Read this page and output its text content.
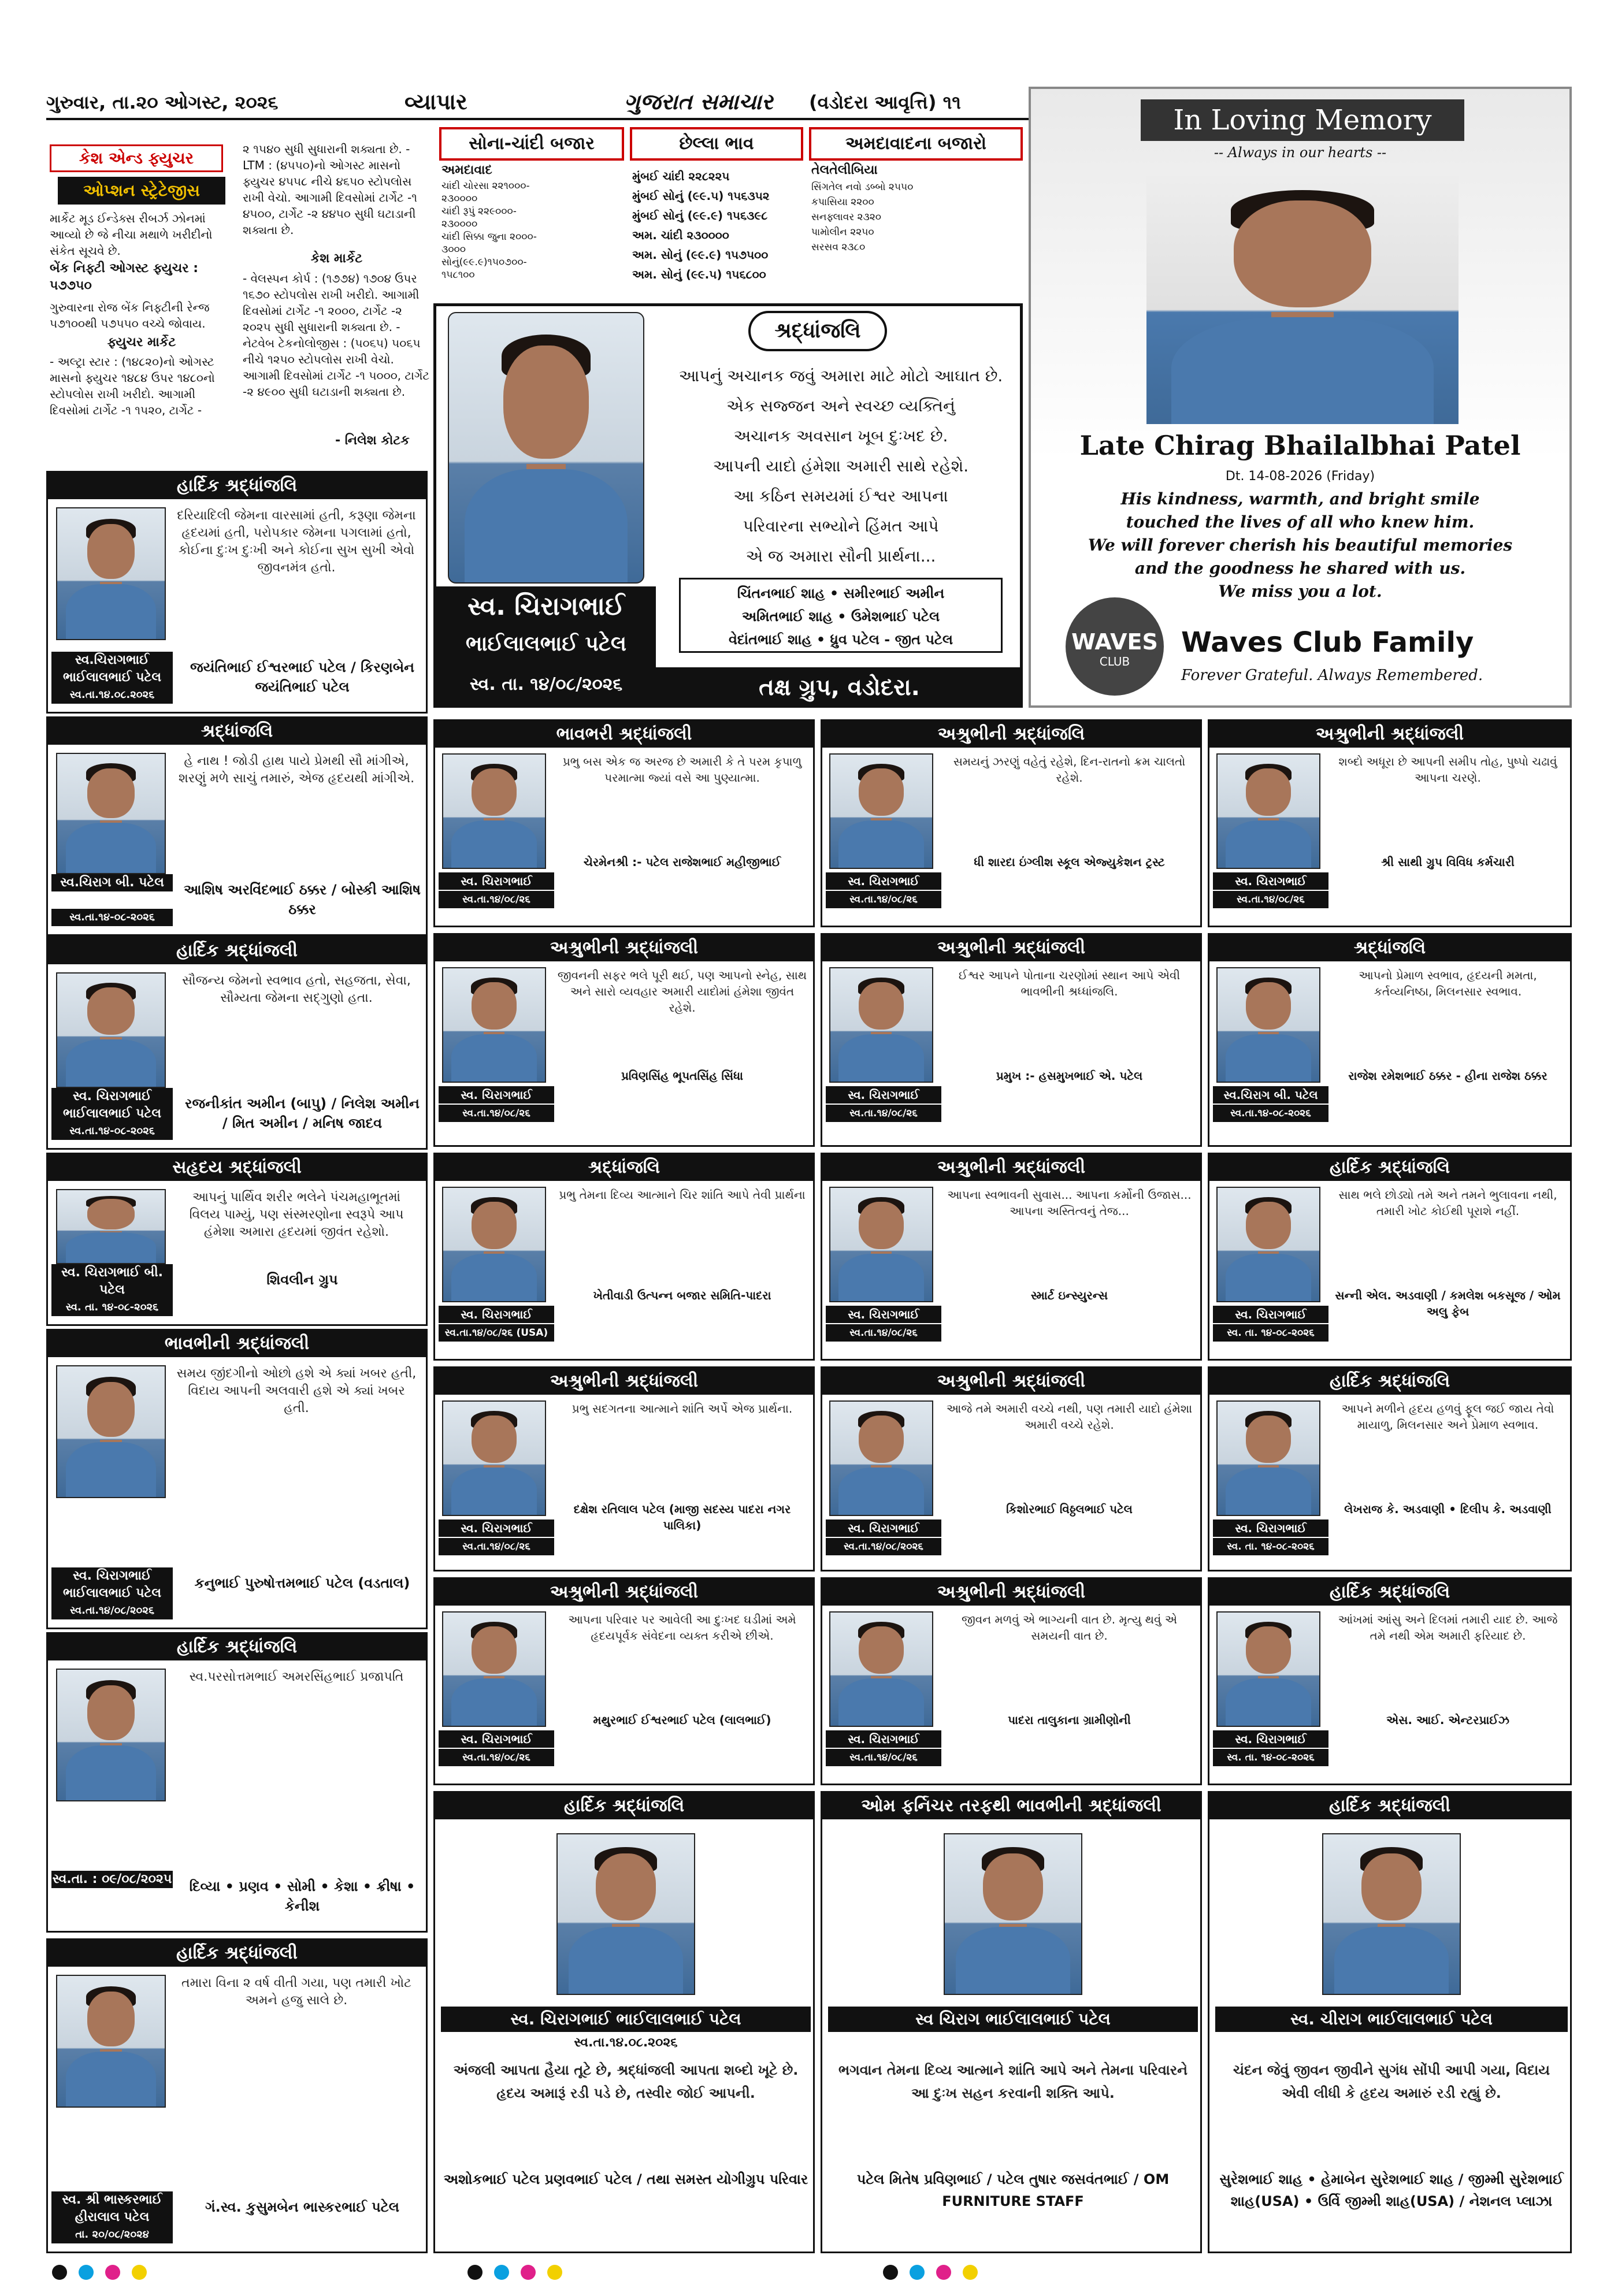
ગુરુવાર, તા.૨૦ ઓગસ્ટ, ૨૦૨૬	વ્યાપાર	ગુજરાત સમાચાર (વડોદરા આવૃત્તિ) ૧૧
કેશ એન્ડ ફ્યુચર
ઓપ્શન સ્ટ્રેટેજીસ
માર્કેટ મૂડ ઈન્ડેક્સ રીબર્ઝ ઝોનમાં આવ્યો છે જે નીચા મથાળે ખરીદીનો સંકેત સૂચવે છે.
બેંક નિફ્ટી ઓગસ્ટ ફ્યુચર : ૫૭૭૫૦
ગુરુવારના રોજ બેંક નિફ્ટીની રેન્જ ૫૭૧૦૦થી ૫૭૫૫૦ વચ્ચે જોવાય.
ફ્યુચર માર્કેટ
- અલ્ટ્રા સ્ટાર : (૧૪૮૨૦)નો ઓગસ્ટ માસનો ફ્યુચર ૧૪૮૪ ઉપર ૧૪૮૦નો સ્ટોપલોસ રાખી ખરીદો. આગામી દિવસોમાં ટાર્ગેટ -૧ ૧૫૨૦, ટાર્ગેટ -
૨ ૧૫૪૦ સુધી સુધારાની શક્યતા છે. - LTM : (૪૫૫૦)નો ઓગસ્ટ માસનો ફ્યુચર ૪૫૫૮ નીચે ૪૬૫૦ સ્ટોપલોસ રાખી વેચો. આગામી દિવસોમાં ટાર્ગેટ -૧ ૪૫૦૦, ટાર્ગેટ -૨ ૪૪૫૦ સુધી ઘટાડાની શક્યતા છે.
કેશ માર્કેટ
- વેલસ્પન કોર્પ : (૧૭૭૪) ૧૭૦૪ ઉપર ૧૬૭૦ સ્ટોપલોસ રાખી ખરીદો. આગામી દિવસોમાં ટાર્ગેટ -૧ ૨૦૦૦, ટાર્ગેટ -૨ ૨૦૨૫ સુધી સુધારાની શક્યતા છે. - નેટવેબ ટેકનોલોજીસ : (૫૦૬૫) ૫૦૬૫ નીચે ૧૨૫૦ સ્ટોપલોસ રાખી વેચો. આગામી દિવસોમાં ટાર્ગેટ -૧ ૫૦૦૦, ટાર્ગેટ -૨ ૪૯૦૦ સુધી ઘટાડાની શક્યતા છે.
- નિલેશ કોટક
સોના-ચાંદી બજાર
અમદાવાદ
ચાંદી ચોરસા ૨૨૧૦૦૦-
૨૩૦૦૦૦
ચાંદી રૂપું ૨૨૯૦૦૦-
૨૩૦૦૦૦
ચાંદી સિક્કા જુના ૨૦૦૦-
૩૦૦૦
સોનું(૯૯.૯)૧૫૦૭૦૦-
૧૫૮૧૦૦
છેલ્લા ભાવ
મુંબઈ ચાંદી ૨૨૮૨૨૫
મુંબઈ સોનું (૯૯.૫) ૧૫૬૩૫૨
મુંબઈ સોનું (૯૯.૯) ૧૫૬૩૯૮
અમ. ચાંદી ૨૩૦૦૦૦
અમ. સોનું (૯૯.૯) ૧૫૭૫૦૦
અમ. સોનું (૯૯.૫) ૧૫૬૮૦૦
અમદાવાદના બજારો
તેલતેલીબિયા
સિંગતેલ નવો ડબ્બો ૨૫૫૦
કપાસિયા ૨૨૦૦
સનફ્લાવર ૨૩૨૦
પામોલીન ૨૨૫૦
સરસવ ૨૩૮૦
સ્વ. ચિરાગભાઈ
ભાઈલાલભાઈ પટેલ
સ્વ. તા. ૧૪/૦૮/૨૦૨૬
શ્રદ્ધાંજલિ
આપનું અચાનક જવું અમારા માટે મોટો આઘાત છે.
એક સજ્જન અને સ્વચ્છ વ્યક્તિનું
અચાનક અવસાન ખૂબ દુઃખદ છે.
આપની યાદો હંમેશા અમારી સાથે રહેશે.
આ કઠિન સમયમાં ઈશ્વર આપના
પરિવારના સભ્યોને હિંમત આપે
એ જ અમારા સૌની પ્રાર્થના...
ચિંતનભાઈ શાહ • સમીરભાઈ અમીન
અમિતભાઈ શાહ • ઉમેશભાઈ પટેલ
વેદાંતભાઈ શાહ • ધ્રુવ પટેલ - જીત પટેલ
તક્ષ ગ્રુપ, વડોદરા.
In Loving Memory
-- Always in our hearts --
Late Chirag Bhailalbhai Patel
Dt. 14-08-2026 (Friday)
His kindness, warmth, and bright smile
touched the lives of all who knew him.
We will forever cherish his beautiful memories
and the goodness he shared with us.
We miss you a lot.
WAVES
CLUB
Waves Club Family
Forever Grateful. Always Remembered.
હાર્દિક શ્રદ્ધાંજલિ
દરિયાદિલી જેમના વારસામાં હતી, કરૂણા જેમના હૃદયમાં હતી, પરોપકાર જેમના પગલામાં હતો, કોઈના દુઃખ દુઃખી અને કોઈના સુખ સુખી એવો જીવનમંત્ર હતો.
સ્વ.ચિરાગભાઈ
ભાઈલાલભાઈ પટેલ
સ્વ.તા.૧૪.૦૮.૨૦૨૬
જયંતિભાઈ ઈશ્વરભાઈ પટેલ / કિરણબેન જયંતિભાઈ પટેલ
શ્રદ્ધાંજલિ
હે નાથ ! જોડી હાથ પાયે પ્રેમથી સૌ માંગીએ, શરણું મળે સાચું તમારું, એજ હૃદયથી માંગીએ.
સ્વ.ચિરાગ બી. પટેલ
સ્વ.તા.૧૪-૦૮-૨૦૨૬
આશિષ અરવિંદભાઈ ઠક્કર / બોસ્કી આશિષ ઠક્કર
હાર્દિક શ્રદ્ધાંજલી
સૌજન્ય જેમનો સ્વભાવ હતો, સહજતા, સેવા, સૌમ્યતા જેમના સદ્ગુણો હતા.
સ્વ. ચિરાગભાઈ
ભાઈલાલભાઈ પટેલ
સ્વ.તા.૧૪-૦૮-૨૦૨૬
રજનીકાંત અમીન (બાપુ) / નિલેશ અમીન / મિત અમીન / મનિષ જાદવ
સહૃદય શ્રદ્ધાંજલી
આપનું પાર્થિવ શરીર ભલેને પંચમહાભૂતમાં વિલય પામ્યું, પણ સંસ્મરણોના સ્વરૂપે આપ હંમેશા અમારા હૃદયમાં જીવંત રહેશો.
સ્વ. ચિરાગભાઈ બી. પટેલ
સ્વ. તા. ૧૪-૦૮-૨૦૨૬
શિવલીન ગ્રુપ
ભાવભીની શ્રદ્ધાંજલી
સમય જીંદગીનો ઓછો હશે એ ક્યાં ખબર હતી, વિદાય આપની અલવારી હશે એ ક્યાં ખબર હતી.
સ્વ. ચિરાગભાઈ
ભાઈલાલભાઈ પટેલ
સ્વ.તા.૧૪/૦૮/૨૦૨૬
કનુભાઈ પુરુષોત્તમભાઈ પટેલ (વડતાલ)
હાર્દિક શ્રદ્ધાંજલિ
સ્વ.પરસોત્તમભાઈ અમરસિંહભાઈ પ્રજાપતિ
સ્વ.તા. : ૦૯/૦૮/૨૦૨૫	દિવ્યા • પ્રણવ • સોમી • કેશા • ક્રીષા • કેનીશ
હાર્દિક શ્રદ્ધાંજલી
તમારા વિના ૨ વર્ષ વીતી ગયા, પણ તમારી ખોટ અમને હજુ સાલે છે.
સ્વ. શ્રી ભાસ્કરભાઈ
હીરાલાલ પટેલ
તા. ૨૦/૦૮/૨૦૨૪
ગં.સ્વ. કુસુમબેન ભાસ્કરભાઈ પટેલ
ભાવભરી શ્રદ્ધાંજલી
સ્વ. ચિરાગભાઈ
સ્વ.તા.૧૪/૦૮/૨૬
પ્રભુ બસ એક જ અરજ છે અમારી કે તે પરમ કૃપાળુ પરમાત્મા જ્યાં વસે આ પુણ્યાત્મા.
ચેરમેનશ્રી :- પટેલ રાજેશભાઈ મહીજીભાઈ
અશ્રુભીની શ્રદ્ધાંજલિ
સ્વ. ચિરાગભાઈ
સ્વ.તા.૧૪/૦૮/૨૬
સમયનું ઝરણું વહેતું રહેશે, દિન-રાતનો ક્રમ ચાલતો રહેશે.
ધી શારદા ઇંગ્લીશ સ્કૂલ એજ્યુકેશન ટ્રસ્ટ
અશ્રુભીની શ્રદ્ધાંજલી
સ્વ. ચિરાગભાઈ
સ્વ.તા.૧૪/૦૮/૨૬
શબ્દો અધૂરા છે આપની સમીપ તોહ, પુષ્પો ચઢાવું આપના ચરણે.
શ્રી સાથી ગ્રુપ વિવિધ કર્મચારી
અશ્રુભીની શ્રદ્ધાંજલી
સ્વ. ચિરાગભાઈ
સ્વ.તા.૧૪/૦૮/૨૬
જીવનની સફર ભલે પૂરી થઈ, પણ આપનો સ્નેહ, સાથ અને સારો વ્યવહાર અમારી યાદોમાં હંમેશા જીવંત રહેશે.
પ્રવિણસિંહ ભૂપતસિંહ સિંધા
અશ્રુભીની શ્રદ્ધાંજલી
સ્વ. ચિરાગભાઈ
સ્વ.તા.૧૪/૦૮/૨૬
ઈશ્વર આપને પોતાના ચરણોમાં સ્થાન આપે એવી ભાવભીની શ્રધ્ધાંજલિ.
પ્રમુખ :- હસમુખભાઈ એ. પટેલ
શ્રદ્ધાંજલિ
સ્વ.ચિરાગ બી. પટેલ
સ્વ.તા.૧૪-૦૮-૨૦૨૬
આપનો પ્રેમાળ સ્વભાવ, હૃદયની મમતા, કર્તવ્યનિષ્ઠા, મિલનસાર સ્વભાવ.
રાજેશ રમેશભાઈ ઠક્કર - હીના રાજેશ ઠક્કર
શ્રદ્ધાંજલિ
સ્વ. ચિરાગભાઈ
સ્વ.તા.૧૪/૦૮/૨૬ (USA)
પ્રભુ તેમના દિવ્ય આત્માને ચિર શાંતિ આપે તેવી પ્રાર્થના
ખેતીવાડી ઉત્પન્ન બજાર સમિતિ-પાદરા
અશ્રુભીની શ્રદ્ધાંજલી
સ્વ. ચિરાગભાઈ
સ્વ.તા.૧૪/૦૮/૨૬
આપના સ્વભાવની સુવાસ... આપના કર્મોની ઉજાસ... આપના અસ્તિત્વનું તેજ...
સ્માર્ટ ઇન્સ્યુરન્સ
હાર્દિક શ્રદ્ધાંજલિ
સ્વ. ચિરાગભાઈ
સ્વ. તા. ૧૪-૦૮-૨૦૨૬
સાથ ભલે છોડ્યો તમે અને તમને ભુલાવના નથી, તમારી ખોટ કોઈથી પૂરાશે નહીં.
સન્ની એલ. અડવાણી / કમલેશ બકસૂજ / ઓમ અલુ ફેબ
અશ્રુભીની શ્રદ્ધાંજલી
સ્વ. ચિરાગભાઈ
સ્વ.તા.૧૪/૦૮/૨૬
પ્રભુ સદગતના આત્માને શાંતિ અર્પે એજ પ્રાર્થના.
દક્ષેશ રતિલાલ પટેલ (માજી સદસ્ય પાદરા નગર પાલિકા)
અશ્રુભીની શ્રદ્ધાંજલી
સ્વ. ચિરાગભાઈ
સ્વ.તા.૧૪/૦૮/૨૦૨૬
આજે તમે અમારી વચ્ચે નથી, પણ તમારી યાદો હંમેશા અમારી વચ્ચે રહેશે.
કિશોરભાઈ વિઠ્ઠલભાઈ પટેલ
હાર્દિક શ્રદ્ધાંજલિ
સ્વ. ચિરાગભાઈ
સ્વ. તા. ૧૪-૦૮-૨૦૨૬
આપને મળીને હૃદય હળવું ફૂલ જઈ જાય તેવો માયાળુ, મિલનસાર અને પ્રેમાળ સ્વભાવ.
લેખરાજ કે. અડવાણી • દિલીપ કે. અડવાણી
અશ્રુભીની શ્રદ્ધાંજલી
સ્વ. ચિરાગભાઈ
સ્વ.તા.૧૪/૦૮/૨૬
આપના પરિવાર પર આવેલી આ દુઃખદ ઘડીમાં અમે હૃદયપૂર્વક સંવેદના વ્યક્ત કરીએ છીએ.
મથુરભાઈ ઈશ્વરભાઈ પટેલ (લાલભાઈ)
અશ્રુભીની શ્રદ્ધાંજલી
સ્વ. ચિરાગભાઈ
સ્વ.તા.૧૪/૦૮/૨૬
જીવન મળવું એ ભાગ્યની વાત છે. મૃત્યુ થવું એ સમયની વાત છે.
પાદરા તાલુકાના ગ્રામીણોની
હાર્દિક શ્રદ્ધાંજલિ
સ્વ. ચિરાગભાઈ
સ્વ. તા. ૧૪-૦૮-૨૦૨૬
આંખમાં આંસુ અને દિલમાં તમારી યાદ છે. આજે તમે નથી એમ અમારી ફરિયાદ છે.
એસ. આઈ. એન્ટરપ્રાઈઝ
હાર્દિક શ્રદ્ધાંજલિ
સ્વ. ચિરાગભાઈ ભાઈલાલભાઈ પટેલ
સ્વ.તા.૧૪.૦૮.૨૦૨૬
અંજલી આપતા હૈયા તૂટે છે, શ્રદ્ધાંજલી આપતા શબ્દો ખૂટે છે. હૃદય અમારૂં રડી પડે છે, તસ્વીર જોઈ આપની.
અશોકભાઈ પટેલ પ્રણવભાઈ પટેલ / તથા સમસ્ત યોગીગ્રુપ પરિવાર
ઓમ ફર્નિચર તરફથી ભાવભીની શ્રદ્ધાંજલી
સ્વ ચિરાગ ભાઈલાલભાઈ પટેલ
ભગવાન તેમના દિવ્ય આત્માને શાંતિ આપે અને તેમના પરિવારને આ દુઃખ સહન કરવાની શક્તિ આપે.
પટેલ મિતેષ પ્રવિણભાઈ / પટેલ તુષાર જસવંતભાઈ / OM FURNITURE STAFF
હાર્દિક શ્રદ્ધાંજલી
સ્વ. ચીરાગ ભાઈલાલભાઈ પટેલ
ચંદન જેવું જીવન જીવીને સુગંધ સોંપી આપી ગયા, વિદાય એવી લીધી કે હૃદય અમારું રડી રહ્યું છે.
સુરેશભાઈ શાહ • હેમાબેન સુરેશભાઈ શાહ / જીમ્મી સુરેશભાઈ શાહ(USA) • ઉર્વિ જીમ્મી શાહ(USA) / નેશનલ પ્લાઝા
